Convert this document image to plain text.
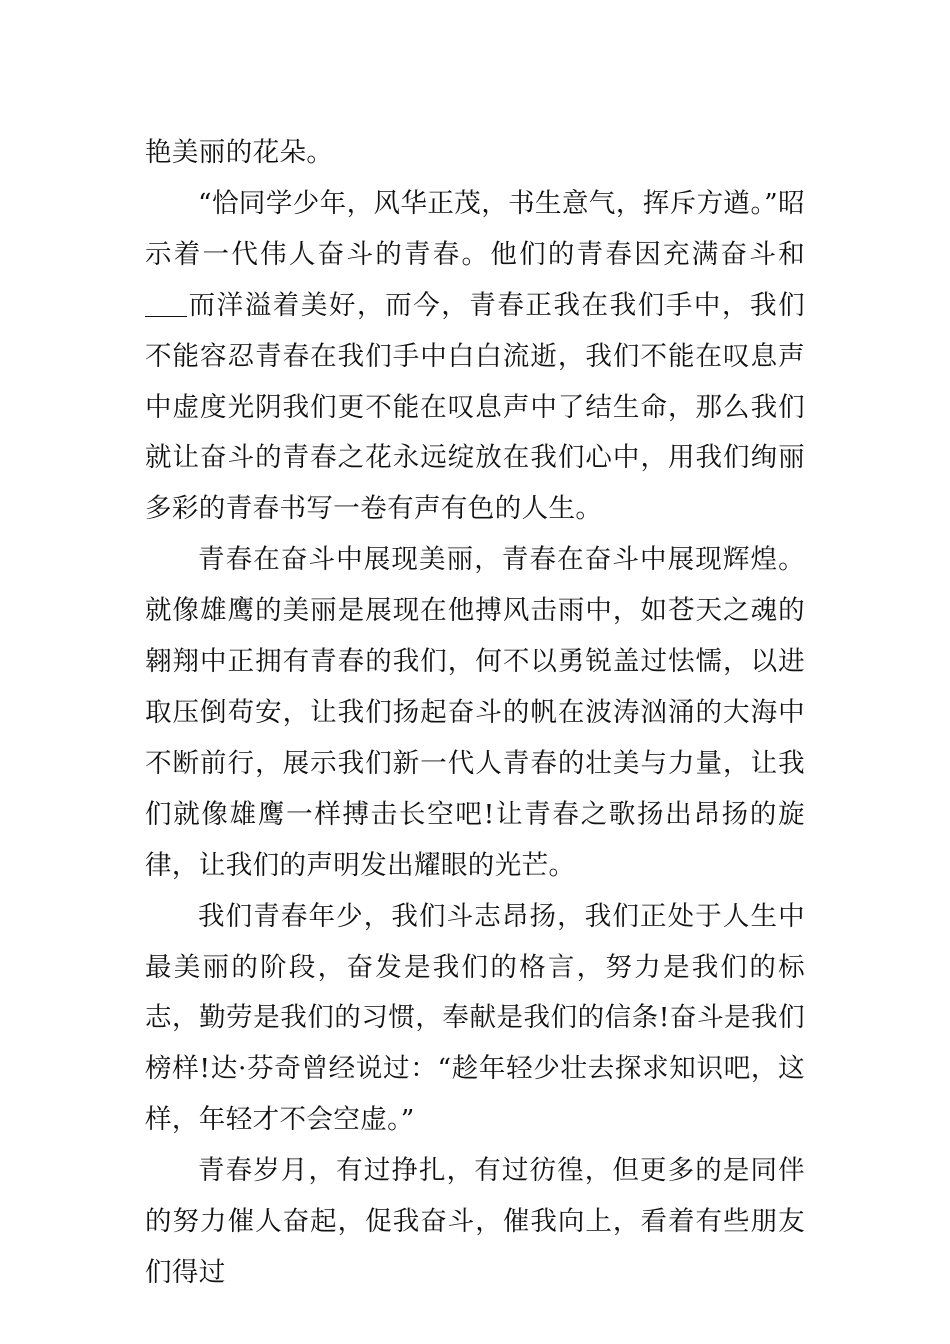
艳美丽的花朵。

“恰同学少年，风华正茂，书生意气，挥斥方遒。”昭示着一代伟人奋斗的青春。他们的青春因充满奋斗和而洋溢着美好，而今，青春正我在我们手中，我们不能容忍青春在我们手中白白流逝，我们不能在叹息声中虚度光阴我们更不能在叹息声中了结生命，那么我们就让奋斗的青春之花永远绽放在我们心中，用我们绚丽多彩的青春书写一卷有声有色的人生。

青春在奋斗中展现美丽，青春在奋斗中展现辉煌。就像雄鹰的美丽是展现在他搏风击雨中，如苍天之魂的翱翔中正拥有青春的我们，何不以勇锐盖过怯懦，以进取压倒苟安，让我们扬起奋斗的帆在波涛汹涌的大海中不断前行，展示我们新一代人青春的壮美与力量，让我们就像雄鹰一样搏击长空吧!让青春之歌扬出昂扬的旋律，让我们的声明发出耀眼的光芒。

我们青春年少，我们斗志昂扬，我们正处于人生中最美丽的阶段，奋发是我们的格言，努力是我们的标志，勤劳是我们的习惯，奉献是我们的信条!奋斗是我们榜样!达·芬奇曾经说过：“趁年轻少壮去探求知识吧，这样，年轻才不会空虚。”

青春岁月，有过挣扎，有过彷徨，但更多的是同伴的努力催人奋起，促我奋斗，催我向上，看着有些朋友们得过
